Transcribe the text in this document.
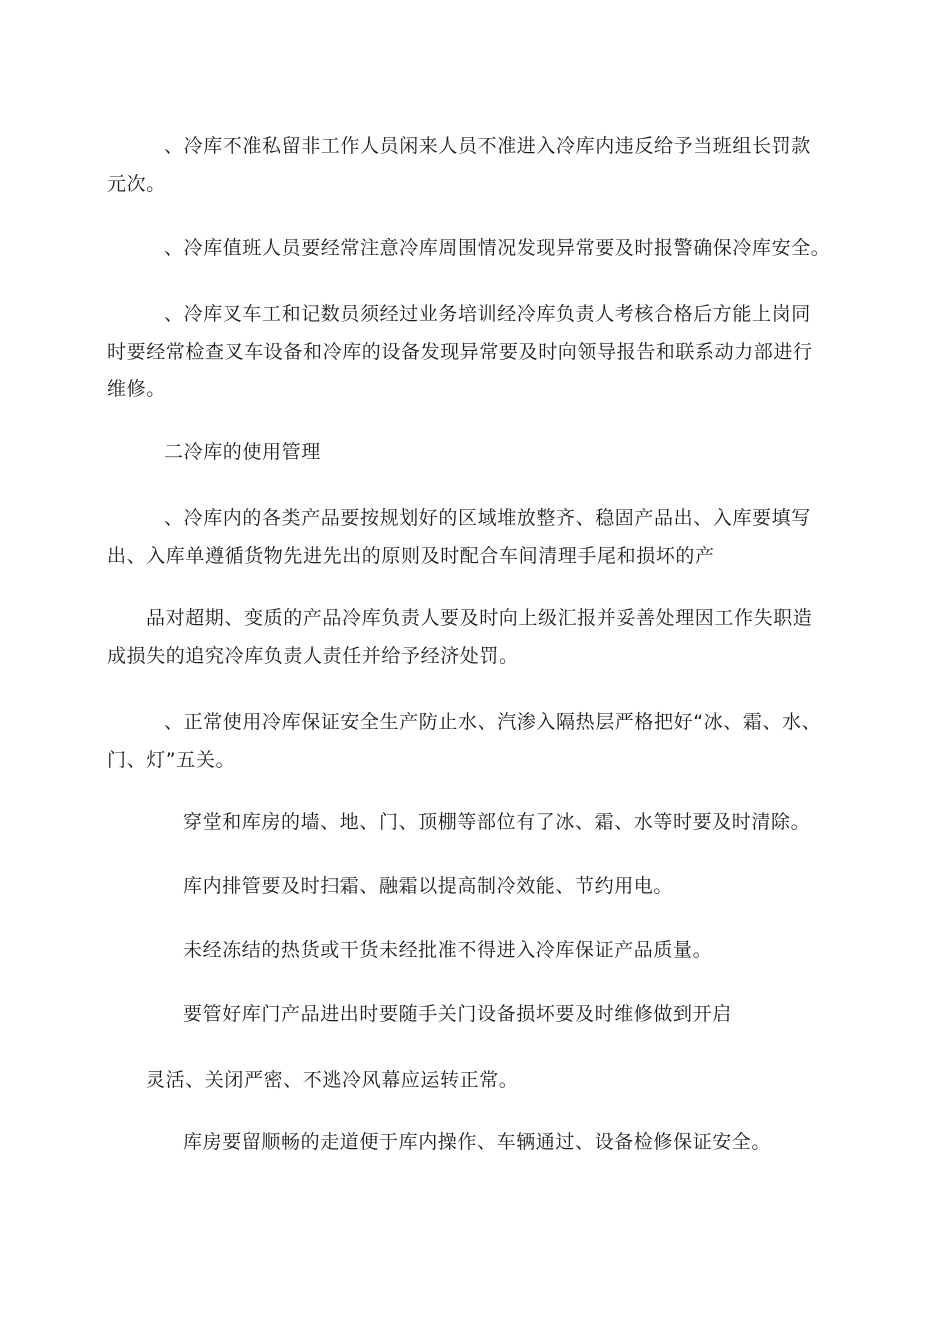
、冷库不准私留非工作人员闲来人员不准进入冷库内违反给予当班组长罚款
元次。
、冷库值班人员要经常注意冷库周围情况发现异常要及时报警确保冷库安全。
、冷库叉车工和记数员须经过业务培训经冷库负责人考核合格后方能上岗同
时要经常检查叉车设备和冷库的设备发现异常要及时向领导报告和联系动力部进行
维修。
二冷库的使用管理
、冷库内的各类产品要按规划好的区域堆放整齐、稳固产品出、入库要填写
出、入库单遵循货物先进先出的原则及时配合车间清理手尾和损坏的产
品对超期、变质的产品冷库负责人要及时向上级汇报并妥善处理因工作失职造
成损失的追究冷库负责人责任并给予经济处罚。
、正常使用冷库保证安全生产防止水、汽渗入隔热层严格把好“冰、霜、水、
门、灯”五关。
穿堂和库房的墙、地、门、顶棚等部位有了冰、霜、水等时要及时清除。
库内排管要及时扫霜、融霜以提高制冷效能、节约用电。
未经冻结的热货或干货未经批准不得进入冷库保证产品质量。
要管好库门产品进出时要随手关门设备损坏要及时维修做到开启
灵活、关闭严密、不逃冷风幕应运转正常。
库房要留顺畅的走道便于库内操作、车辆通过、设备检修保证安全。
